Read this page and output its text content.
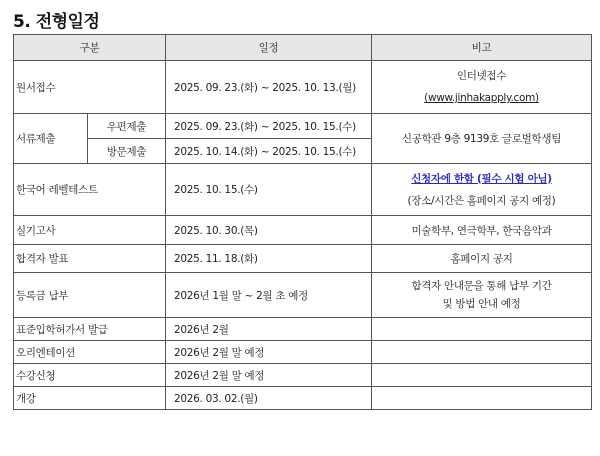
5. 전형일정
구분		일정	비고
원서접수		2025. 09. 23.(화) ~ 2025. 10. 13.(월)	인터넷접수
(www.jinhakapply.com)

서류제출	우편제출	2025. 09. 23.(화) ~ 2025. 10. 15.(수)	신공학관 9층 9139호 글로벌학생팀
	방문제출	2025. 10. 14.(화) ~ 2025. 10. 15.(수)	
한국어 레벨테스트		2025. 10. 15.(수)	신청자에 한함 (필수 시험 아님)
(장소/시간은 홈페이지 공지 예정)

실기고사		2025. 10. 30.(목)	미술학부, 연극학부, 한국음악과
합격자 발표		2025. 11. 18.(화)	홈페이지 공지
등록금 납부		2026년 1월 말 ~ 2월 초 예정	합격자 안내문을 통해 납부 기간
및 방법 안내 예정

표준입학허가서 발급		2026년 2월	
오리엔테이션		2026년 2월 말 예정	
수강신청		2026년 2월 말 예정	
개강		2026. 03. 02.(월)	
